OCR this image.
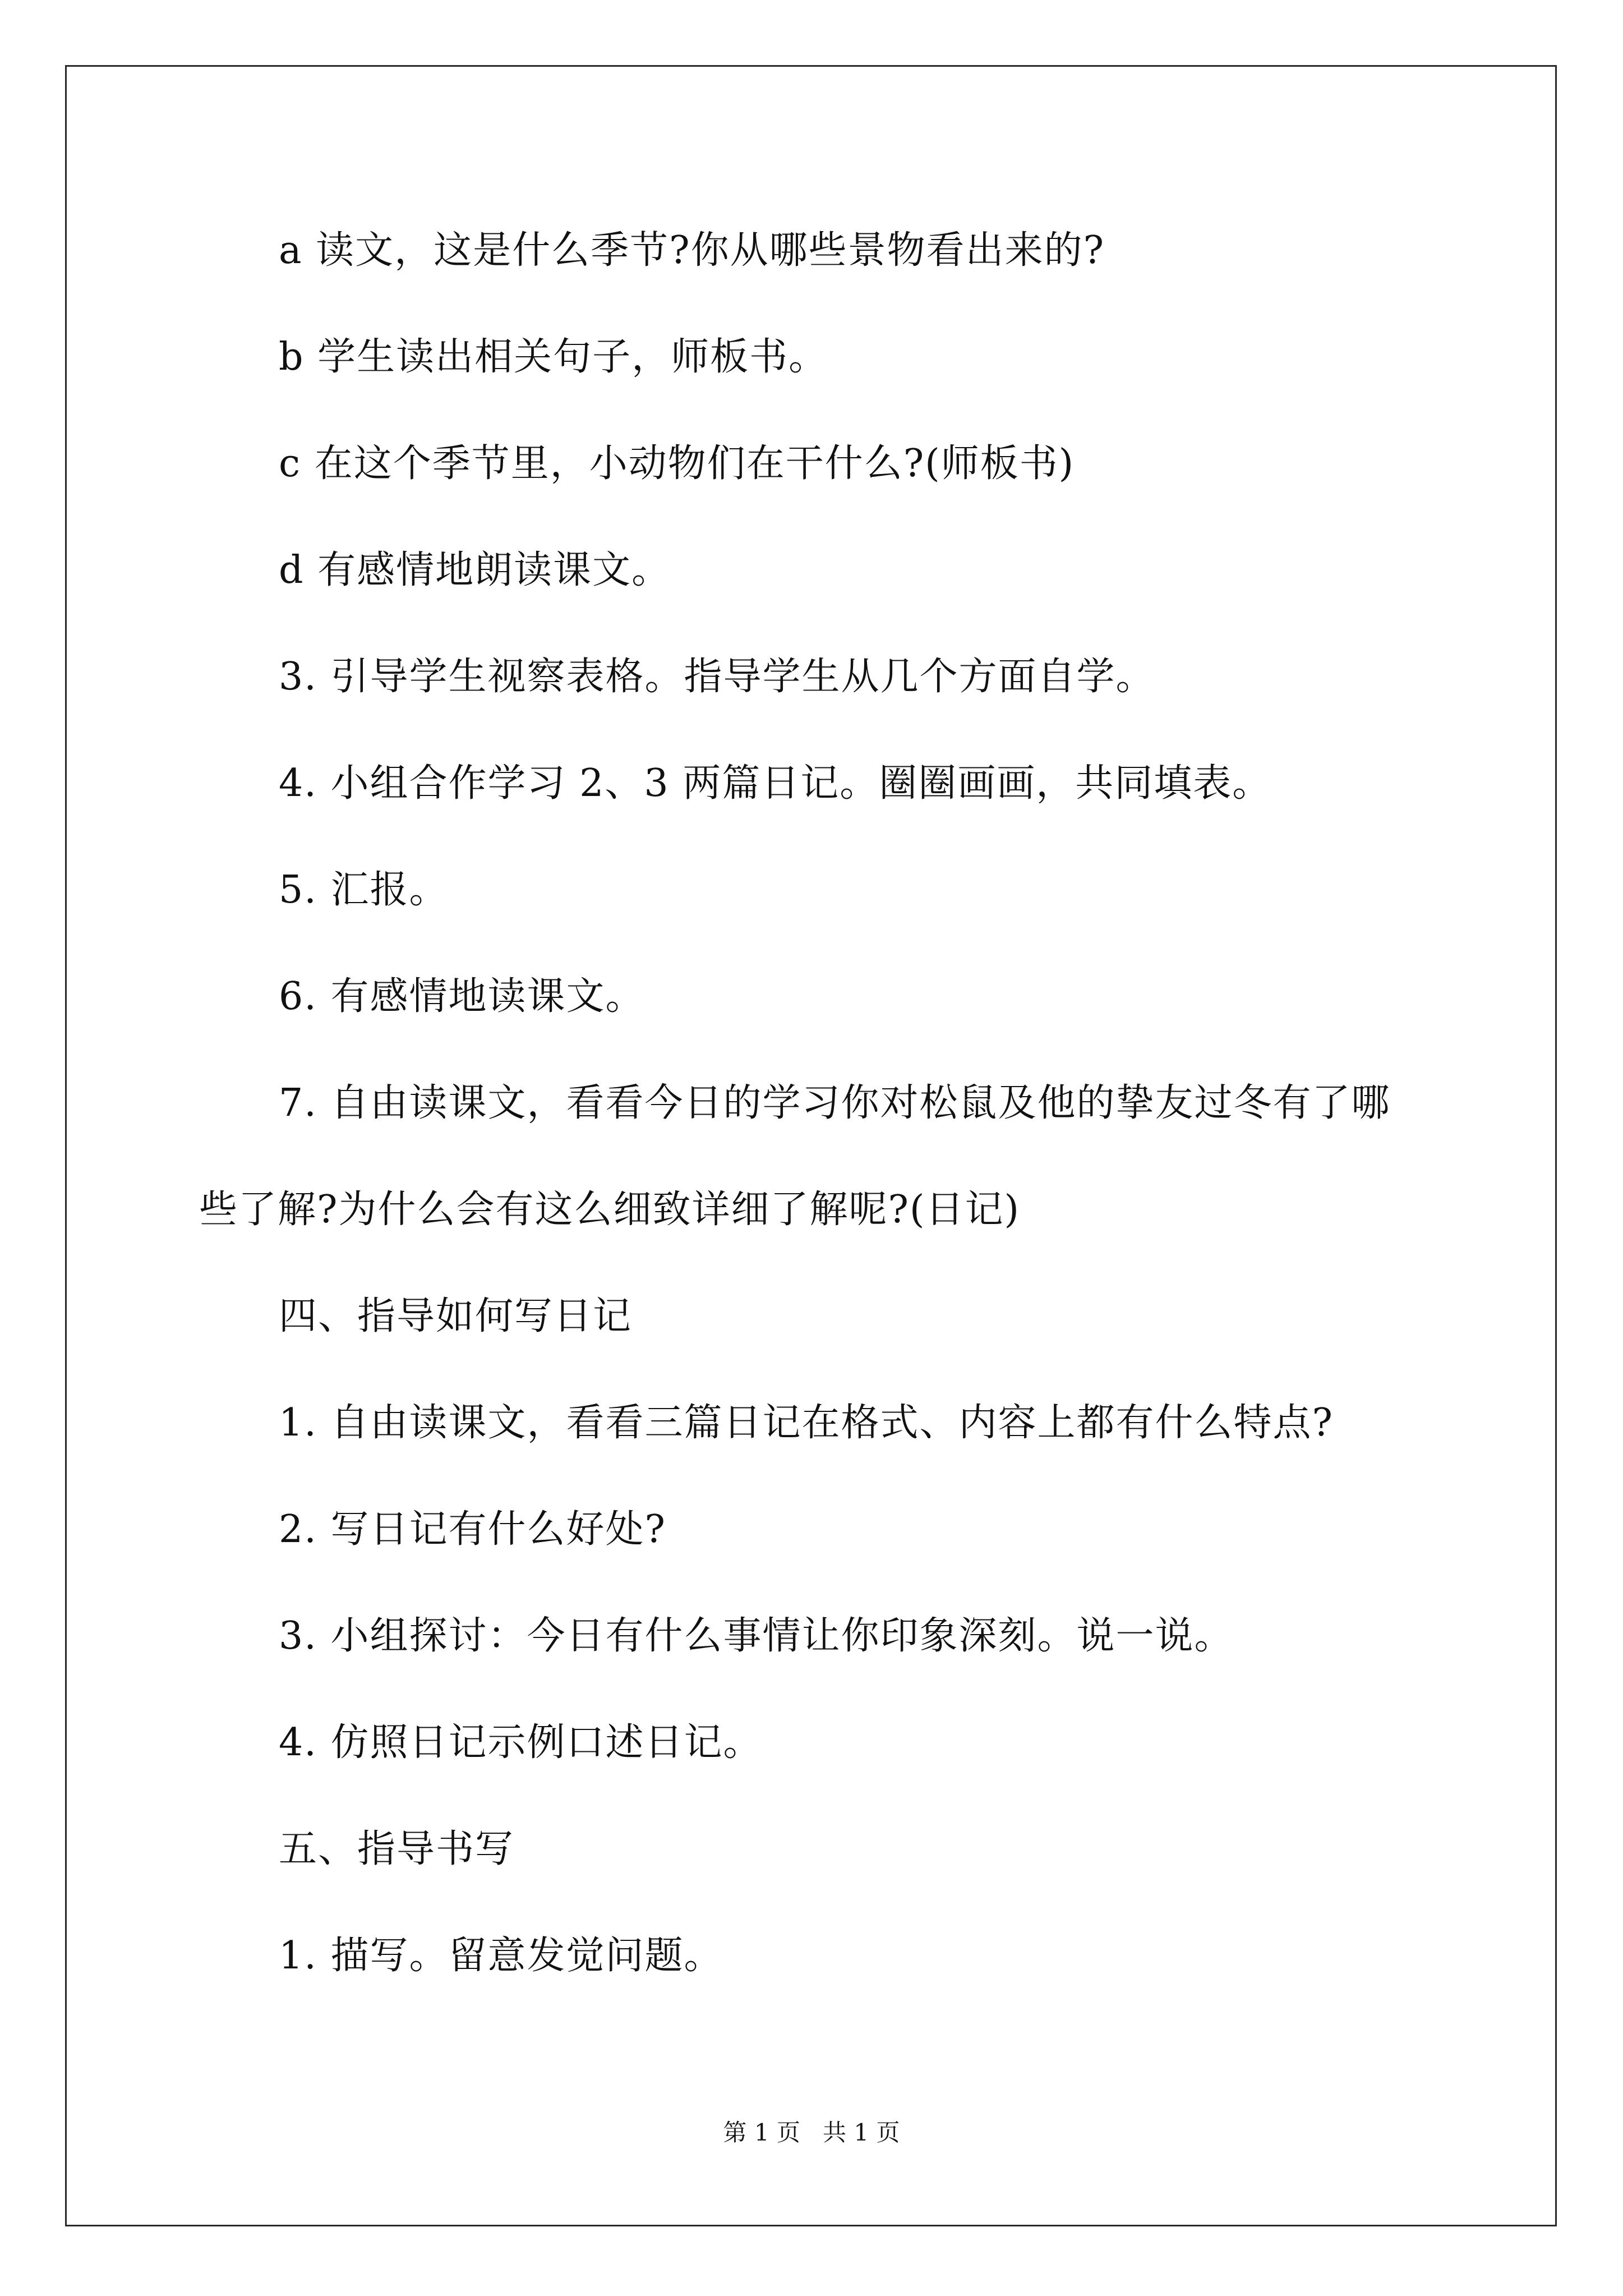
a 读文，这是什么季节?你从哪些景物看出来的?
b 学生读出相关句子，师板书。
c 在这个季节里，小动物们在干什么?(师板书)
d 有感情地朗读课文。
3. 引导学生视察表格。指导学生从几个方面自学。
4. 小组合作学习 2、3 两篇日记。圈圈画画，共同填表。
5. 汇报。
6. 有感情地读课文。
7. 自由读课文，看看今日的学习你对松鼠及他的挚友过冬有了哪
些了解?为什么会有这么细致详细了解呢?(日记)
四、指导如何写日记
1. 自由读课文，看看三篇日记在格式、内容上都有什么特点?
2. 写日记有什么好处?
3. 小组探讨：今日有什么事情让你印象深刻。说一说。
4. 仿照日记示例口述日记。
五、指导书写
1. 描写。留意发觉问题。
第 1 页   共 1 页
